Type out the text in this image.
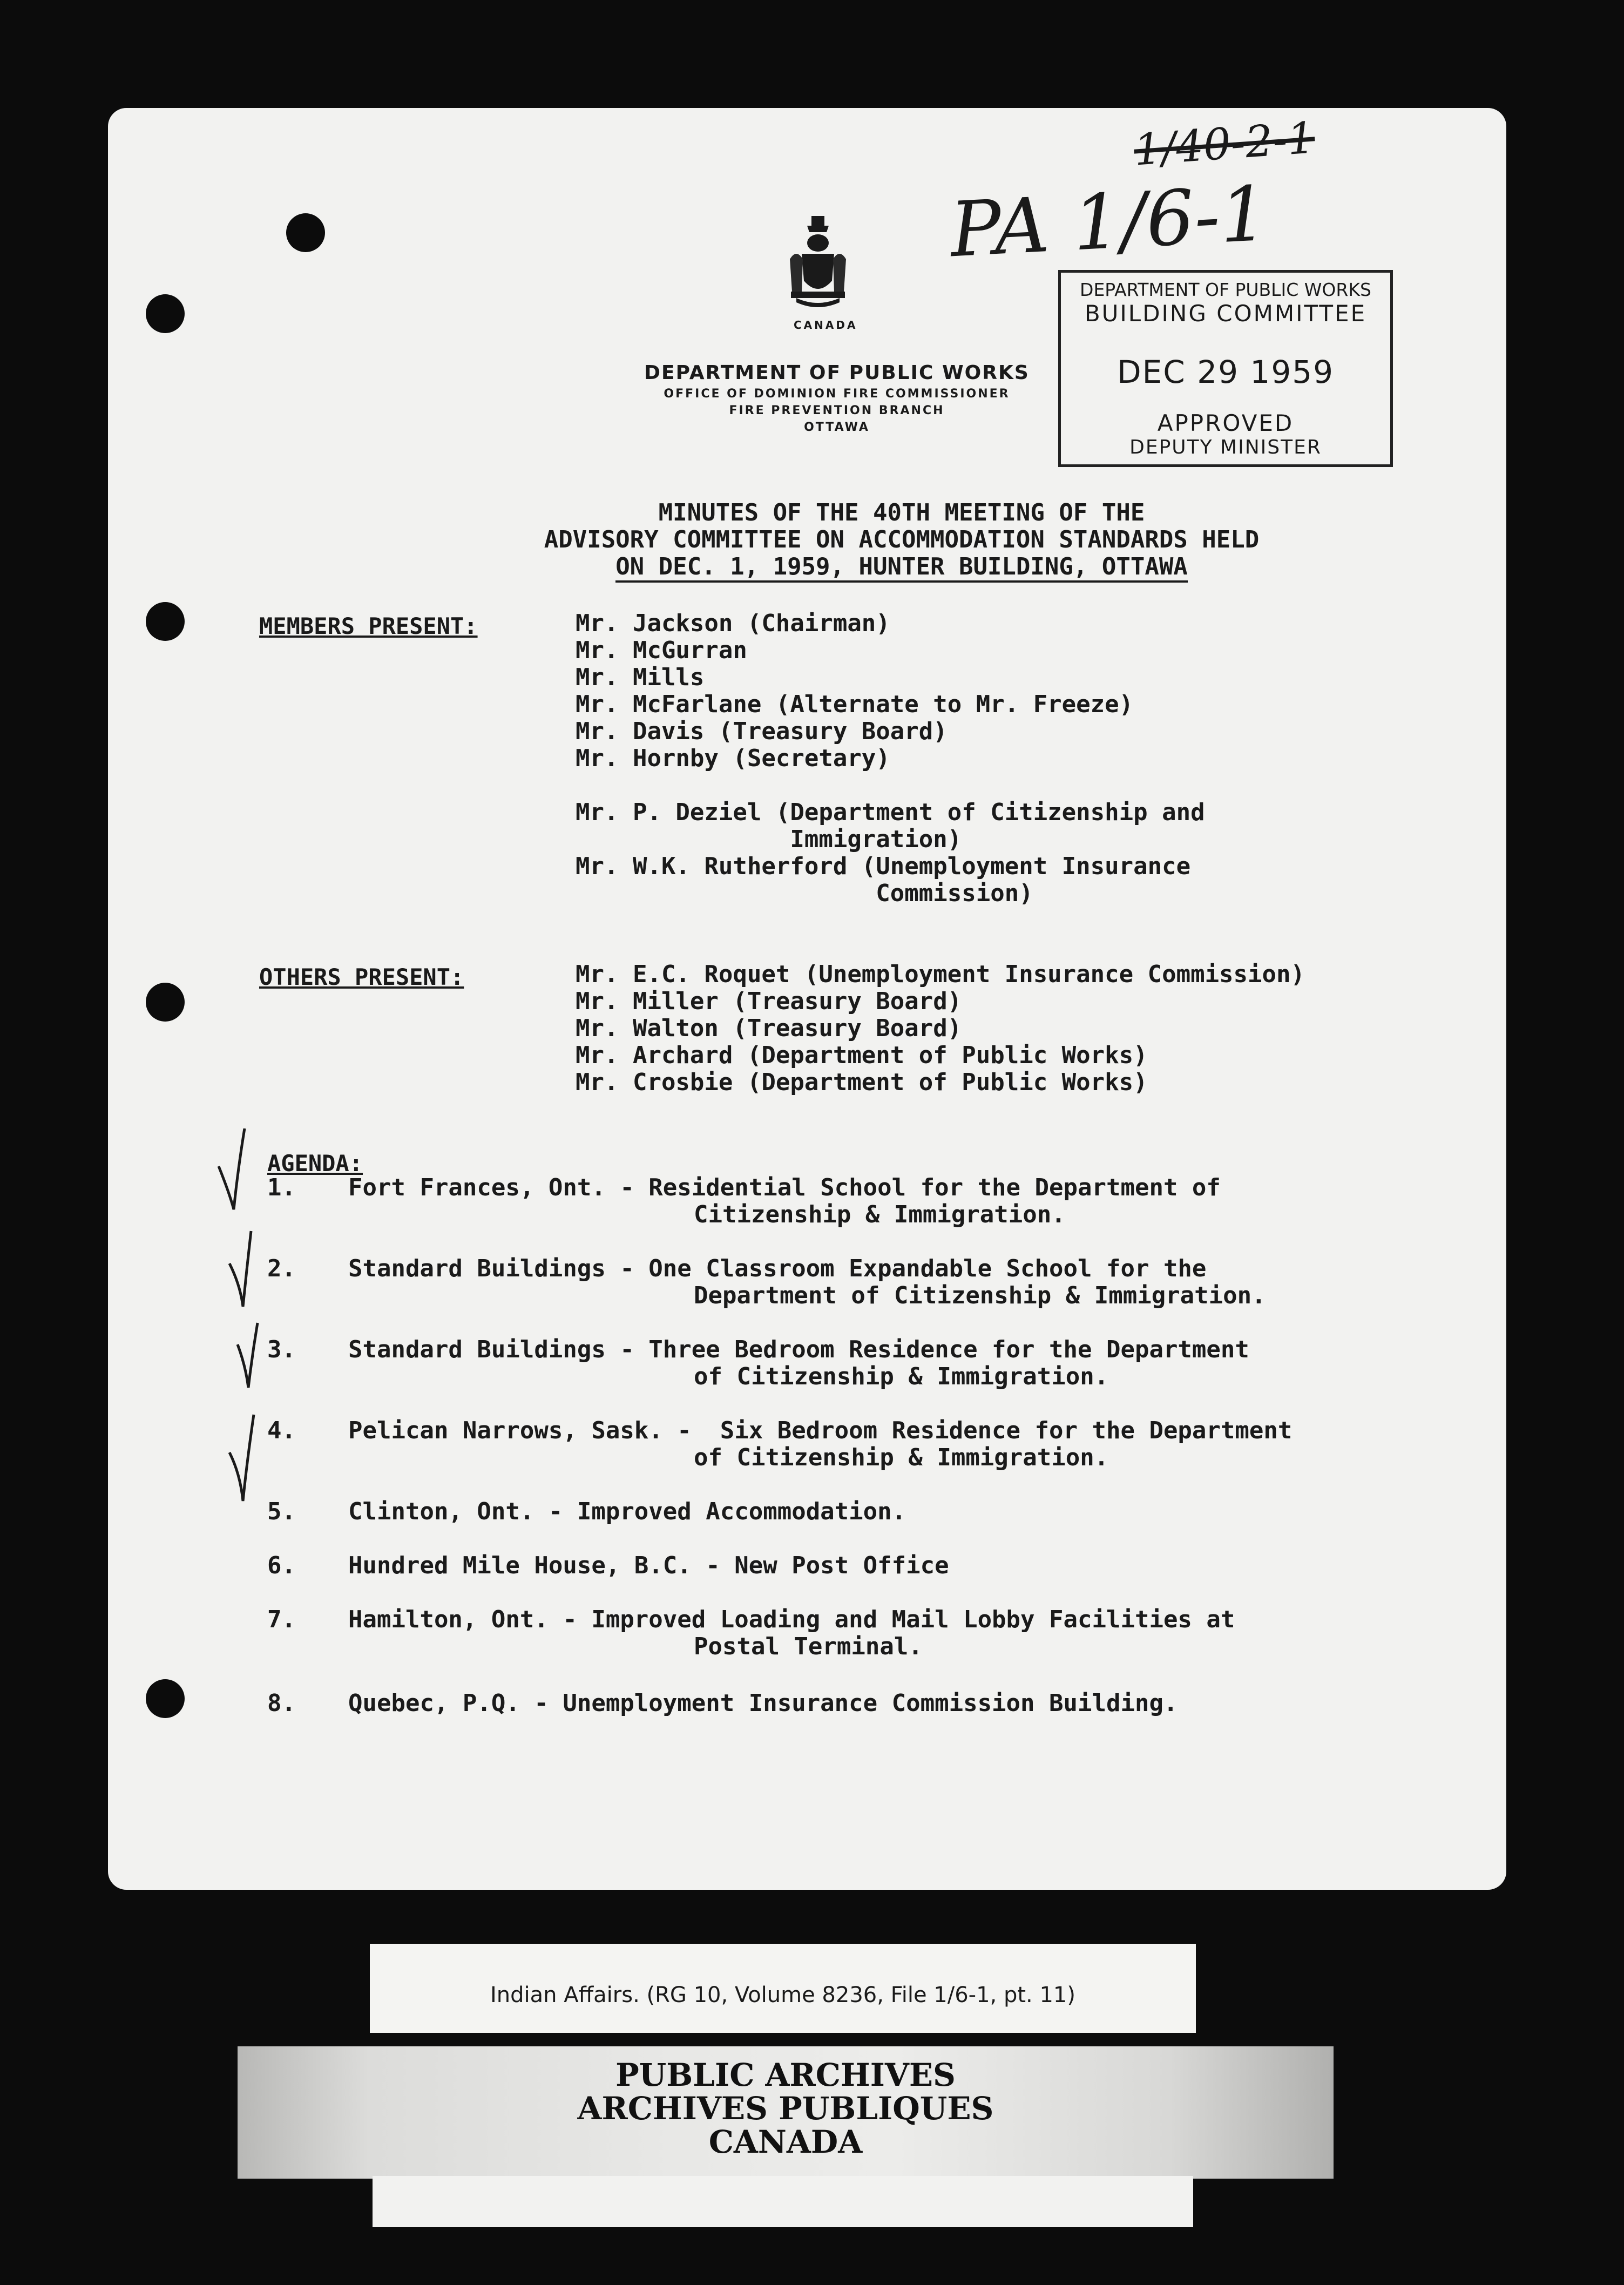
1/40-2-1
PA 1/6-1
CANADA
DEPARTMENT OF PUBLIC WORKS
OFFICE OF DOMINION FIRE COMMISSIONER
FIRE PREVENTION BRANCH
OTTAWA
DEPARTMENT OF PUBLIC WORKS
BUILDING COMMITTEE
DEC 29 1959
APPROVED
DEPUTY MINISTER
MINUTES OF THE 40TH MEETING OF THE
ADVISORY COMMITTEE ON ACCOMMODATION STANDARDS HELD
ON DEC. 1, 1959, HUNTER BUILDING, OTTAWA
MEMBERS PRESENT:	Mr. Jackson (Chairman)
Mr. McGurran
Mr. Mills
Mr. McFarlane (Alternate to Mr. Freeze)
Mr. Davis (Treasury Board)
Mr. Hornby (Secretary)
Mr. P. Deziel (Department of Citizenship and
Immigration)
Mr. W.K. Rutherford (Unemployment Insurance
Commission)
OTHERS PRESENT:	Mr. E.C. Roquet (Unemployment Insurance Commission)
Mr. Miller (Treasury Board)
Mr. Walton (Treasury Board)
Mr. Archard (Department of Public Works)
Mr. Crosbie (Department of Public Works)
AGENDA:
1. Fort Frances, Ont. - Residential School for the Department of
Citizenship & Immigration.
2. Standard Buildings - One Classroom Expandable School for the
Department of Citizenship & Immigration.
3. Standard Buildings - Three Bedroom Residence for the Department
of Citizenship & Immigration.
4. Pelican Narrows, Sask. -  Six Bedroom Residence for the Department
of Citizenship & Immigration.
5. Clinton, Ont. - Improved Accommodation.
6. Hundred Mile House, B.C. - New Post Office
7. Hamilton, Ont. - Improved Loading and Mail Lobby Facilities at
Postal Terminal.
8. Quebec, P.Q. - Unemployment Insurance Commission Building.
Indian Affairs. (RG 10, Volume 8236, File 1/6-1, pt. 11)
PUBLIC ARCHIVES
ARCHIVES PUBLIQUES
CANADA
